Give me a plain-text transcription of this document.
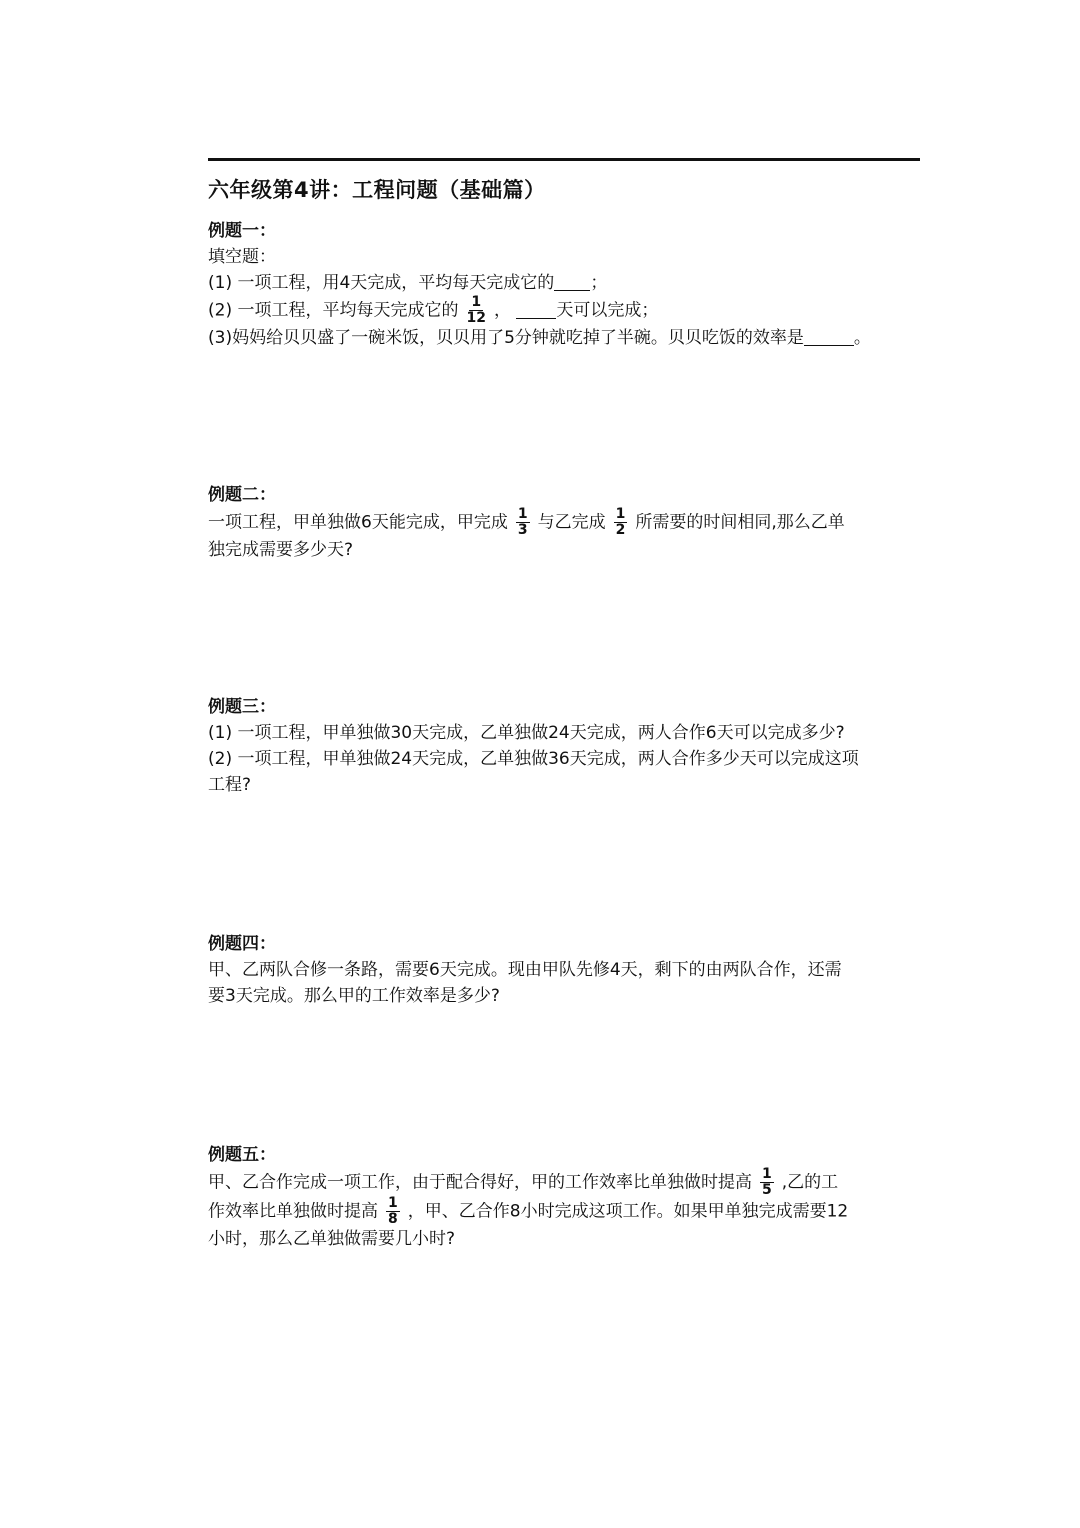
六年级第4讲：工程问题（基础篇）
例题一：
填空题：
(1) 一项工程，用4天完成，平均每天完成它的 ；
(2) 一项工程，平均每天完成它的 $\frac{1}{12}$ ，	天可以完成；
(3)妈妈给贝贝盛了一碗米饭，贝贝用了5分钟就吃掉了半碗。贝贝吃饭的效率是	。
例题二：
一项工程，甲单独做6天能完成，甲完成 $\frac{1}{3}$ 与乙完成 $\frac{1}{2}$ 所需要的时间相同,那么乙单
独完成需要多少天?
例题三：
(1) 一项工程，甲单独做30天完成，乙单独做24天完成，两人合作6天可以完成多少?
(2) 一项工程，甲单独做24天完成，乙单独做36天完成，两人合作多少天可以完成这项
工程?
例题四：
甲、乙两队合修一条路，需要6天完成。现由甲队先修4天，剩下的由两队合作，还需
要3天完成。那么甲的工作效率是多少?
例题五：
甲、乙合作完成一项工作，由于配合得好，甲的工作效率比单独做时提高 $\frac{1}{5}$ ,乙的工
作效率比单独做时提高 $\frac{1}{8}$ ，甲、乙合作8小时完成这项工作。如果甲单独完成需要12
小时，那么乙单独做需要几小时?
